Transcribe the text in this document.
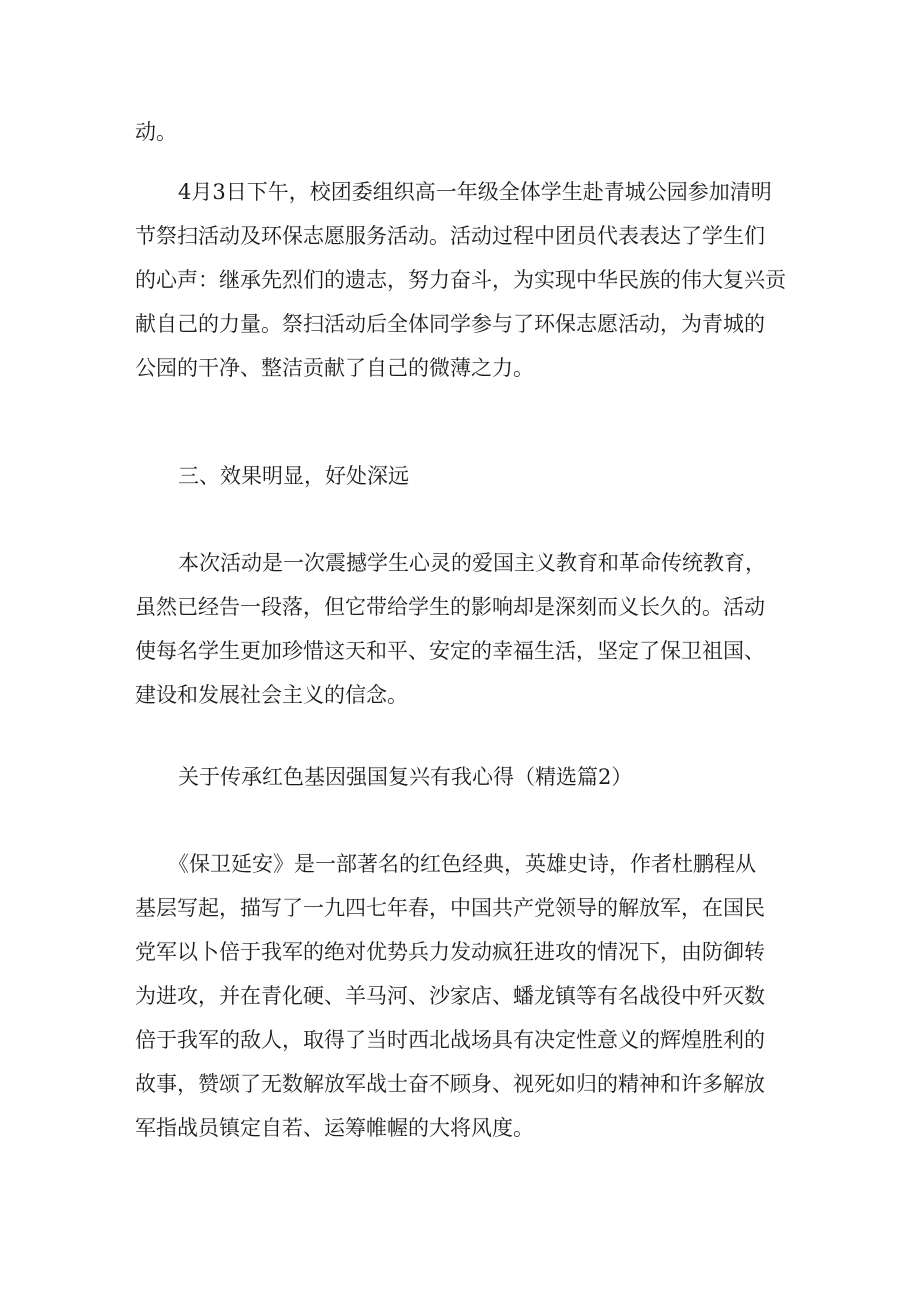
动。
4月3日下午，校团委组织高一年级全体学生赴青城公园参加清明
节祭扫活动及环保志愿服务活动。活动过程中团员代表表达了学生们
的心声：继承先烈们的遗志，努力奋斗，为实现中华民族的伟大复兴贡
献自己的力量。祭扫活动后全体同学参与了环保志愿活动，为青城的
公园的干净、整洁贡献了自己的微薄之力。
三、效果明显，好处深远
本次活动是一次震撼学生心灵的爱国主义教育和革命传统教育，
虽然已经告一段落，但它带给学生的影响却是深刻而义长久的。活动
使每名学生更加珍惜这天和平、安定的幸福生活，坚定了保卫祖国、
建设和发展社会主义的信念。
关于传承红色基因强国复兴有我心得（精选篇2）
《保卫延安》是一部著名的红色经典，英雄史诗，作者杜鹏程从
基层写起，描写了一九四七年春，中国共产党领导的解放军，在国民
党军以卜倍于我军的绝对优势兵力发动疯狂进攻的情况下，由防御转
为进攻，并在青化硬、羊马河、沙家店、蟠龙镇等有名战役中歼灭数
倍于我军的敌人，取得了当时西北战场具有决定性意义的辉煌胜利的
故事，赞颂了无数解放军战士奋不顾身、视死如归的精神和许多解放
军指战员镇定自若、运筹帷幄的大将风度。
